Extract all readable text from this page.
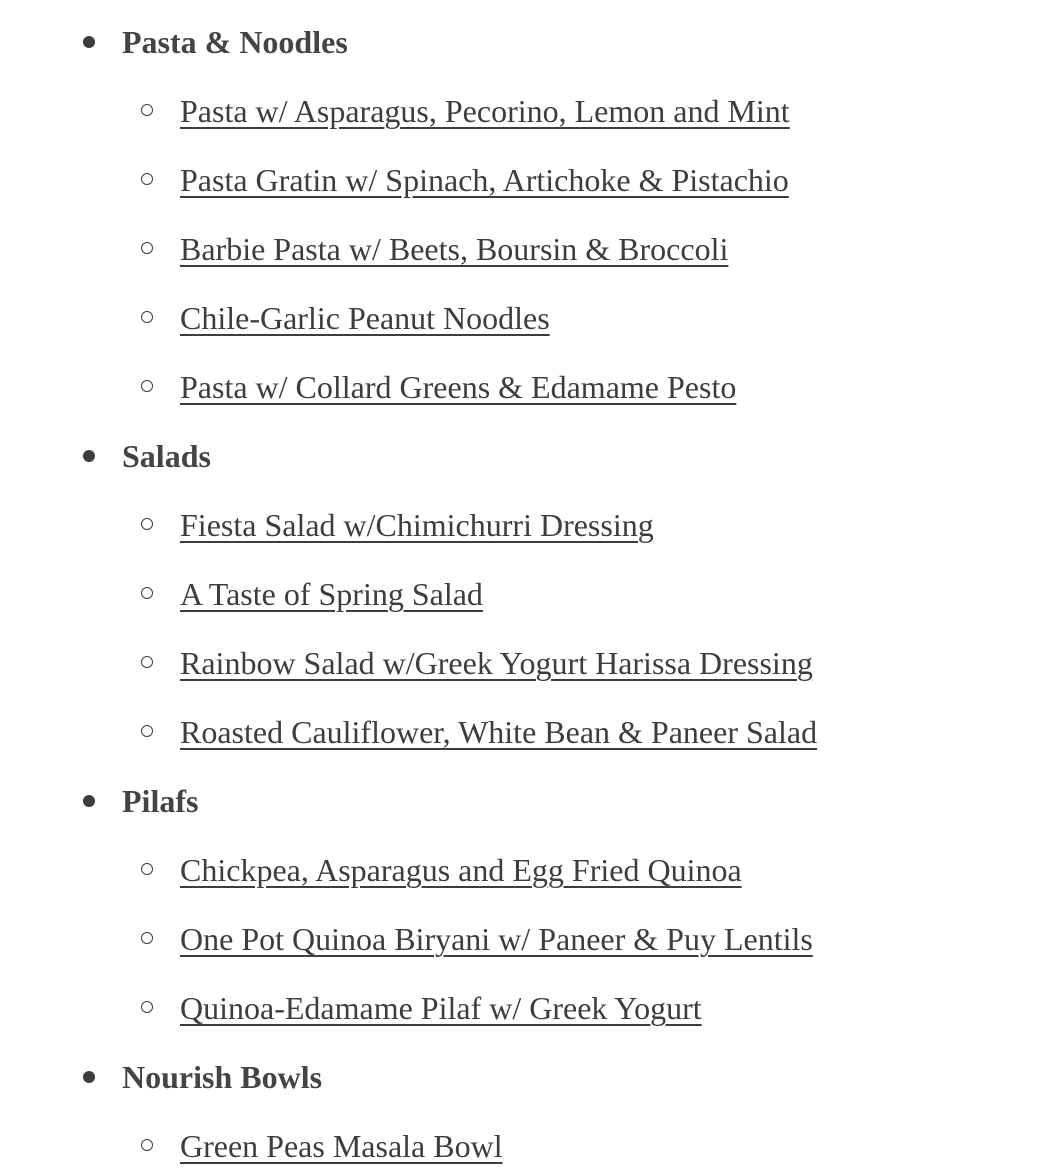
Pasta & Noodles
Pasta w/ Asparagus, Pecorino, Lemon and Mint
Pasta Gratin w/ Spinach, Artichoke & Pistachio
Barbie Pasta w/ Beets, Boursin & Broccoli
Chile-Garlic Peanut Noodles
Pasta w/ Collard Greens & Edamame Pesto
Salads
Fiesta Salad w/Chimichurri Dressing
A Taste of Spring Salad
Rainbow Salad w/Greek Yogurt Harissa Dressing
Roasted Cauliflower, White Bean & Paneer Salad
Pilafs
Chickpea, Asparagus and Egg Fried Quinoa
One Pot Quinoa Biryani w/ Paneer & Puy Lentils
Quinoa-Edamame Pilaf w/ Greek Yogurt
Nourish Bowls
Green Peas Masala Bowl
